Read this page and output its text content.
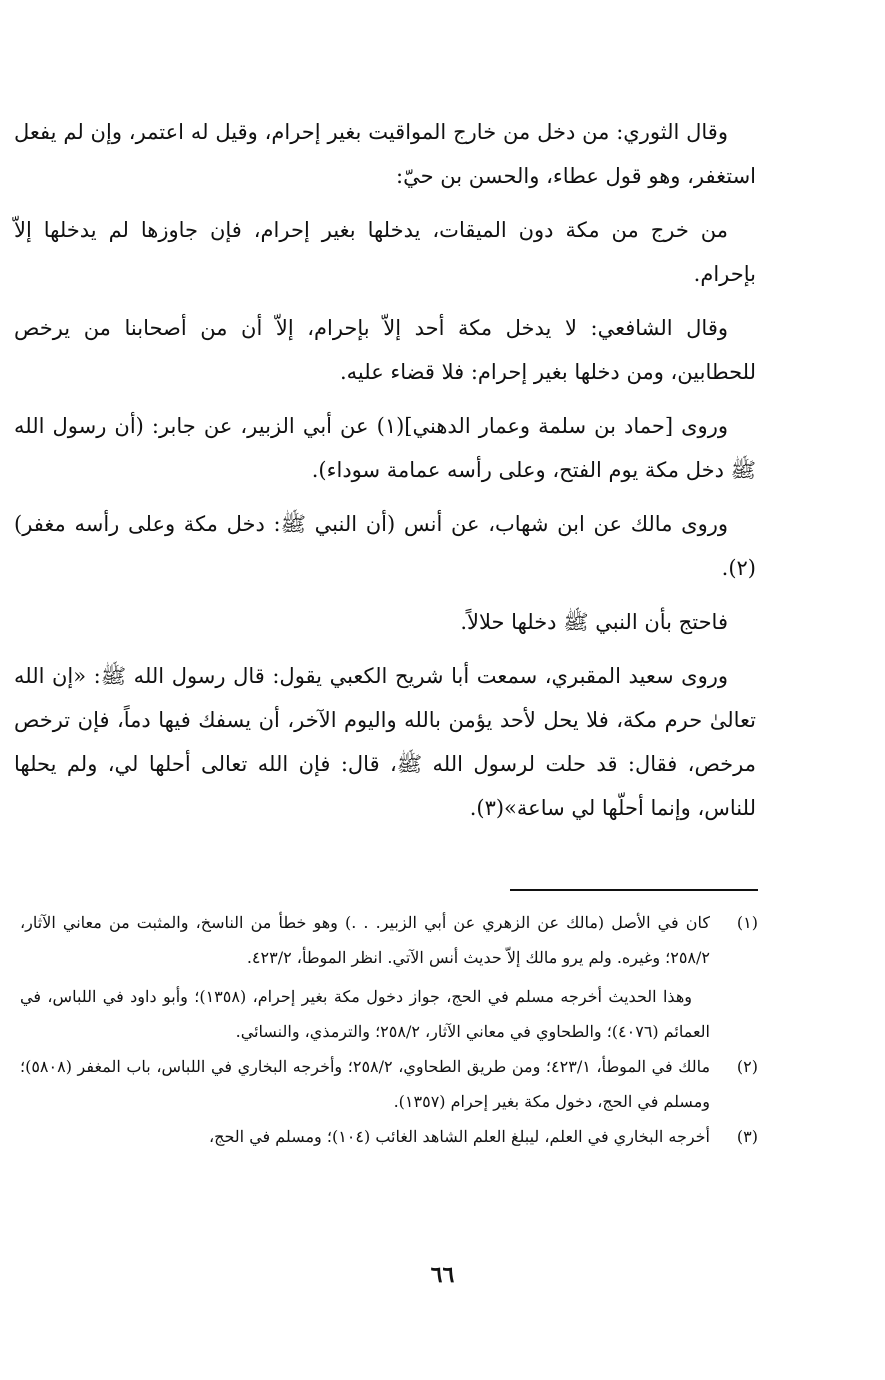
وقال الثوري: من دخل من خارج المواقيت بغير إحرام، وقيل له اعتمر، وإن لم يفعل استغفر، وهو قول عطاء، والحسن بن حيّ:

من خرج من مكة دون الميقات، يدخلها بغير إحرام، فإن جاوزها لم يدخلها إلاّ بإحرام.

وقال الشافعي: لا يدخل مكة أحد إلاّ بإحرام، إلاّ أن من أصحابنا من يرخص للحطابين، ومن دخلها بغير إحرام: فلا قضاء عليه.

وروى [حماد بن سلمة وعمار الدهني](١) عن أبي الزبير، عن جابر: (أن رسول الله ﷺ دخل مكة يوم الفتح، وعلى رأسه عمامة سوداء).

وروى مالك عن ابن شهاب، عن أنس (أن النبي ﷺ: دخل مكة وعلى رأسه مغفر)(٢).

فاحتج بأن النبي ﷺ دخلها حلالاً.

وروى سعيد المقبري، سمعت أبا شريح الكعبي يقول: قال رسول الله ﷺ: «إن الله تعالىٰ حرم مكة، فلا يحل لأحد يؤمن بالله واليوم الآخر، أن يسفك فيها دماً، فإن ترخص مرخص، فقال: قد حلت لرسول الله ﷺ، قال: فإن الله تعالى أحلها لي، ولم يحلها للناس، وإنما أحلّها لي ساعة»(٣).

(١)
كان في الأصل (مالك عن الزهري عن أبي الزبير. . .) وهو خطأ من الناسخ، والمثبت من معاني الآثار، ٢٥٨/٢؛ وغيره. ولم يرو مالك إلاّ حديث أنس الآتي. انظر الموطأ، ٤٢٣/٢.

وهذا الحديث أخرجه مسلم في الحج، جواز دخول مكة بغير إحرام، (١٣٥٨)؛ وأبو داود في اللباس، في العمائم (٤٠٧٦)؛ والطحاوي في معاني الآثار، ٢٥٨/٢؛ والترمذي، والنسائي.

(٢)
مالك في الموطأ، ٤٢٣/١؛ ومن طريق الطحاوي، ٢٥٨/٢؛ وأخرجه البخاري في اللباس، باب المغفر (٥٨٠٨)؛ ومسلم في الحج، دخول مكة بغير إحرام (١٣٥٧).
(٣)
أخرجه البخاري في العلم، ليبلغ العلم الشاهد الغائب (١٠٤)؛ ومسلم في الحج،
٦٦
